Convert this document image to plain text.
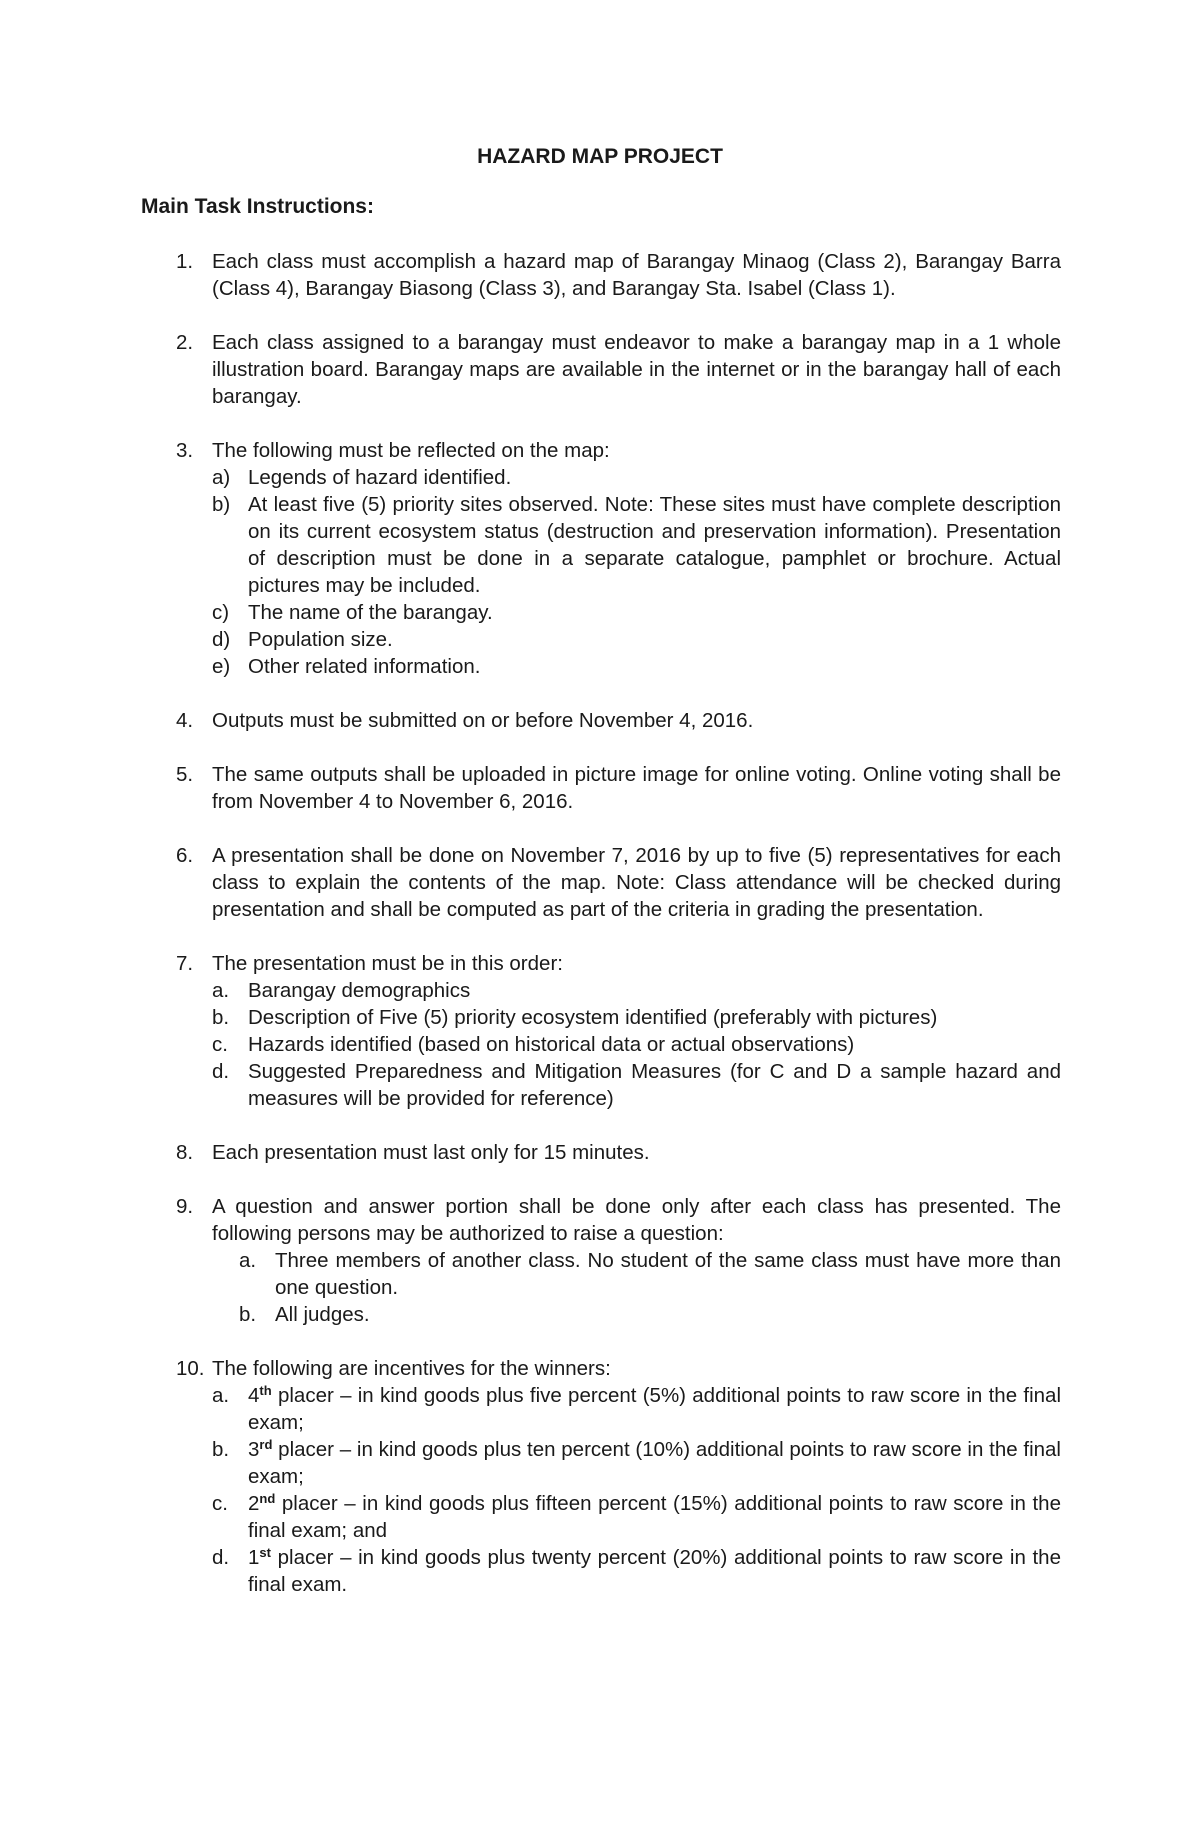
HAZARD MAP PROJECT
Main Task Instructions:
1. Each class must accomplish a hazard map of Barangay Minaog (Class 2), Barangay Barra (Class 4), Barangay Biasong (Class 3), and Barangay Sta. Isabel (Class 1).
2. Each class assigned to a barangay must endeavor to make a barangay map in a 1 whole illustration board. Barangay maps are available in the internet or in the barangay hall of each barangay.
3. The following must be reflected on the map:
a) Legends of hazard identified.
b) At least five (5) priority sites observed. Note: These sites must have complete description on its current ecosystem status (destruction and preservation information). Presentation of description must be done in a separate catalogue, pamphlet or brochure. Actual pictures may be included.
c) The name of the barangay.
d) Population size.
e) Other related information.
4. Outputs must be submitted on or before November 4, 2016.
5. The same outputs shall be uploaded in picture image for online voting. Online voting shall be from November 4 to November 6, 2016.
6. A presentation shall be done on November 7, 2016 by up to five (5) representatives for each class to explain the contents of the map. Note: Class attendance will be checked during presentation and shall be computed as part of the criteria in grading the presentation.
7. The presentation must be in this order:
a. Barangay demographics
b. Description of Five (5) priority ecosystem identified (preferably with pictures)
c. Hazards identified (based on historical data or actual observations)
d. Suggested Preparedness and Mitigation Measures (for C and D a sample hazard and measures will be provided for reference)
8. Each presentation must last only for 15 minutes.
9. A question and answer portion shall be done only after each class has presented. The following persons may be authorized to raise a question:
a. Three members of another class. No student of the same class must have more than one question.
b. All judges.
10. The following are incentives for the winners:
a. 4th placer – in kind goods plus five percent (5%) additional points to raw score in the final exam;
b. 3rd placer – in kind goods plus ten percent (10%) additional points to raw score in the final exam;
c. 2nd placer – in kind goods plus fifteen percent (15%) additional points to raw score in the final exam; and
d. 1st placer – in kind goods plus twenty percent (20%) additional points to raw score in the final exam.
